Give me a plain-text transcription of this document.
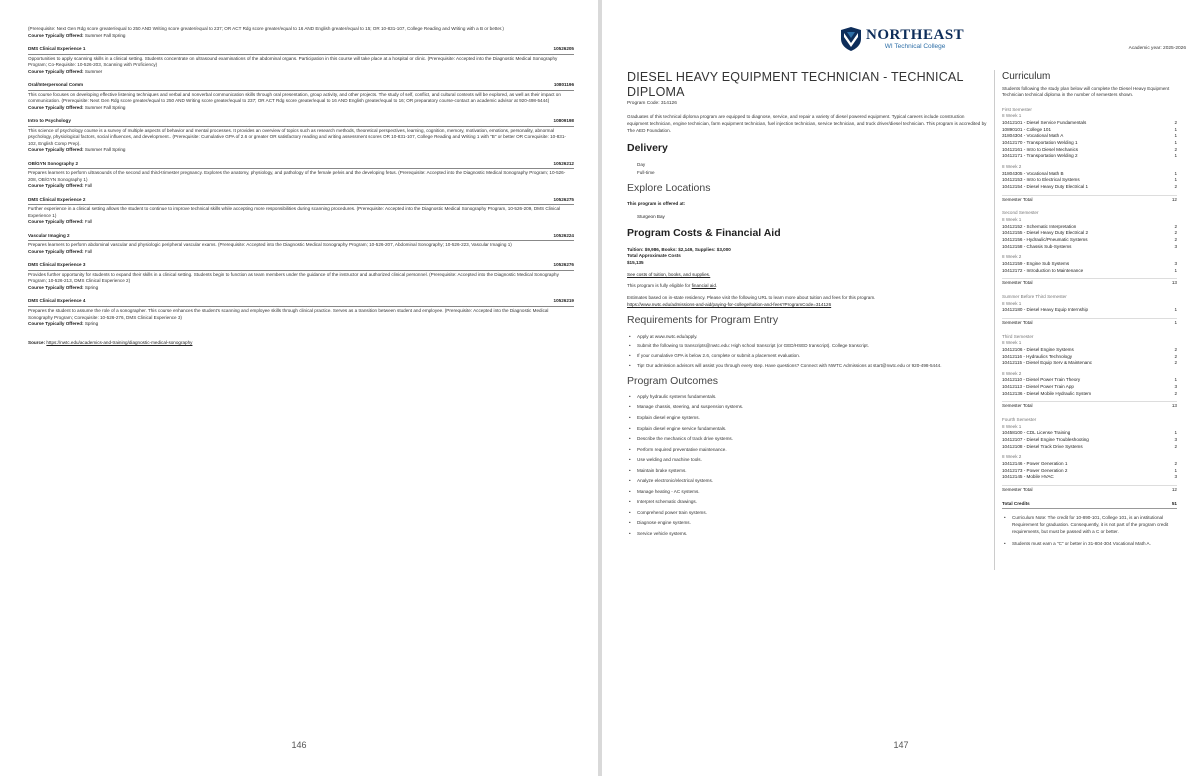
(Prerequisite: Next Gen Rdg score greater/equal to 250 AND Writing score greater/equal to 237; OR ACT Rdg score greater/equal to 16 AND English greater/equal to 15; OR 10-831-107, College Reading and Writing with a B or better.)
Course Typically Offered: Summer Fall Spring
DMS Clinical Experience 1	10526205
Opportunities to apply scanning skills in a clinical setting. Students concentrate on ultrasound examinations of the abdominal organs. Participation in this course will take place at a hospital or clinic. (Prerequisite: Accepted into the Diagnostic Medical Sonography Program; Co-Requisite: 10-526-203, Scanning with Proficiency)
Course Typically Offered: Summer
Oral/Interpersonal Comm	10801196
This course focuses on developing effective listening techniques and verbal and nonverbal communication skills through oral presentation, group activity, and other projects. The study of self, conflict, and cultural contexts will be explored, as well as their impact on communication. (Prerequisite: Next Gen Rdg score greater/equal to 250 AND Writing score greater/equal to 237; OR ACT Rdg score greater/equal to 16 AND English greater/equal to 16; OR preparatory course-contact an academic advisor at 920-498-5444)
Course Typically Offered: Summer Fall Spring
Intro to Psychology	10809198
This science of psychology course is a survey of multiple aspects of behavior and mental processes. It provides an overview of topics such as research methods, theoretical perspectives, learning, cognition, memory, motivation, emotions, personality, abnormal psychology, physiological factors, social influences, and development.. (Prerequisite: Cumulative GPA of 2.6 or greater OR satisfactory reading and writing assessment scores OR 10-831-107, College Reading and Writing 1 with "B" or better OR Corequisite: 10-831-102, English Comp Prep).
Course Typically Offered: Summer Fall Spring
OB/GYN Sonography 2	10526212
Prepares learners to perform ultrasounds of the second and third-trimester pregnancy. Explores the anatomy, physiology, and pathology of the female pelvis and the developing fetus. (Prerequisite: Accepted into the Diagnostic Medical Sonography Program; 10-526-208, OB/GYN Sonography 1)
Course Typically Offered: Fall
DMS Clinical Experience 2	10526275
Further experience in a clinical setting allows the student to continue to improve technical skills while accepting more responsibilities during scanning procedures. (Prerequisite: Accepted into the Diagnostic Medical Sonography Program, 10-526-209, DMS Clinical Experience 1)
Course Typically Offered: Fall
Vascular Imaging 2	10526224
Prepares learners to perform abdominal vascular and physiologic peripheral vascular exams. (Prerequisite: Accepted into the Diagnostic Medical Sonography Program; 10-526-207, Abdominal Sonography; 10-526-223, Vascular Imaging 1)
Course Typically Offered: Fall
DMS Clinical Experience 3	10526276
Provides further opportunity for students to expand their skills in a clinical setting. Students begin to function as team members under the guidance of the instructor and authorized clinical personnel. (Prerequisite: Accepted into the Diagnostic Medical Sonography Program; 10-526-213, DMS Clinical Experience 2)
Course Typically Offered: Spring
DMS Clinical Experience 4	10526219
Prepares the student to assume the role of a sonographer. This course enhances the student's scanning and employee skills through clinical practice. Serves as a transition between student and employee. (Prerequisite: Accepted into the Diagnostic Medical Sonography Program; Corequisite: 10-526-276, DMS Clinical Experience 3)
Course Typically Offered: Spring
Source: https://nwtc.edu/academics-and-training/diagnostic-medical-sonography
146
NORTHEAST
WI Technical College	Academic year: 2025-2026
DIESEL HEAVY EQUIPMENT TECHNICIAN - TECHNICAL DIPLOMA
Program Code: 314126
Graduates of this technical diploma program are equipped to diagnose, service, and repair a variety of diesel powered equipment. Typical careers include construction equipment technician, engine technician, farm equipment technician, fuel injection technician, service technician, and truck driver/diesel technician. This program is accredited by The AED Foundation.
Delivery
Day
Full-time
Explore Locations
This program is offered at:
Sturgeon Bay
Program Costs & Financial Aid
Tuition: $9,986, Books: $2,149, Supplies: $3,000
Total Approximate Costs
$15,135
See costs of tuition, books, and supplies.
This program is fully eligible for financial aid.
Estimates based on in-state residency. Please visit the following URL to learn more about tuition and fees for this program.
https://www.nwtc.edu/admissions-and-aid/paying-for-college/tuition-and-fees?ProgramCode=314126
Requirements for Program Entry
• Apply at www.nwtc.edu/apply.
• Submit the following to transcripts@nwtc.edu: High school transcript (or GED/HSED transcript). College transcript.
• If your cumulative GPA is below 2.6, complete or submit a placement evaluation.
• Tip! Our admission advisors will assist you through every step. Have questions? Connect with NWTC Admissions at start@nwtc.edu or 920-498-5444.
Program Outcomes
• Apply hydraulic systems fundamentals.
• Manage chassis, steering, and suspension systems.
• Explain diesel engine systems.
• Explain diesel engine service fundamentals.
• Describe the mechanics of track drive systems.
• Perform required preventative maintenance.
• Use welding and machine tools.
• Maintain brake systems.
• Analyze electronic/electrical systems.
• Manage heating - AC systems.
• Interpret schematic drawings.
• Comprehend power train systems.
• Diagnose engine systems.
• Service vehicle systems.
Curriculum
Students following the study plan below will complete the Diesel Heavy Equipment Technician technical diploma in the number of semesters shown.
First Semester
8 Week 1
10412101 - Diesel Service Fundamentals	2
10890101 - College 101	1
31804304 - Vocational Math A	1
10412170 - Transportation Welding 1	1
10412161 - Intro to Diesel Mechanics	2
10412171 - Transportation Welding 2	1
8 Week 2
31804305 - Vocational Math B	1
10412153 - Intro to Electrical Systems	1
10412154 - Diesel Heavy Duty Electrical 1	2
Semester Total	12
Second Semester
8 Week 1
10412152 - Schematic Interpretation	2
10412155 - Diesel Heavy Duty Electrical 2	2
10412156 - Hydraulic/Pneumatic Systems	2
10412158 - Chassis Sub-Systems	3
8 Week 2
10412159 - Engine Sub Systems	3
10412172 - Introduction to Maintenance	1
Semester Total	13
Summer Before Third Semester
8 Week 1
10412180 - Diesel Heavy Equip Internship	1
Semester Total	1
Third Semester
8 Week 1
10412106 - Diesel Engine Systems	2
10412116 - Hydraulics Technology	2
10412115 - Diesel Equip Serv & Maintenanc	2
8 Week 2
10412110 - Diesel Power Train Theory	1
10412113 - Diesel Power Train App	3
10412136 - Diesel Mobile Hydraulic System	2
Semester Total	13
Fourth Semester
8 Week 1
10458100 - CDL License Training	1
10412107 - Diesel Engine Troubleshooting	3
10412108 - Diesel Track Drive Systems	2
8 Week 2
10412146 - Power Generation 1	2
10412173 - Power Generation 2	1
10412145 - Mobile HVAC	3
Semester Total	12
Total Credits	51
• Curriculum Note: The credit for 10-890-101, College 101, is an institutional Requirement for graduation. Consequently, it is not part of the program credit requirements, but must be passed with a C or better.
• Students must earn a "C" or better in 31-804-304 Vocational Math A.
147
